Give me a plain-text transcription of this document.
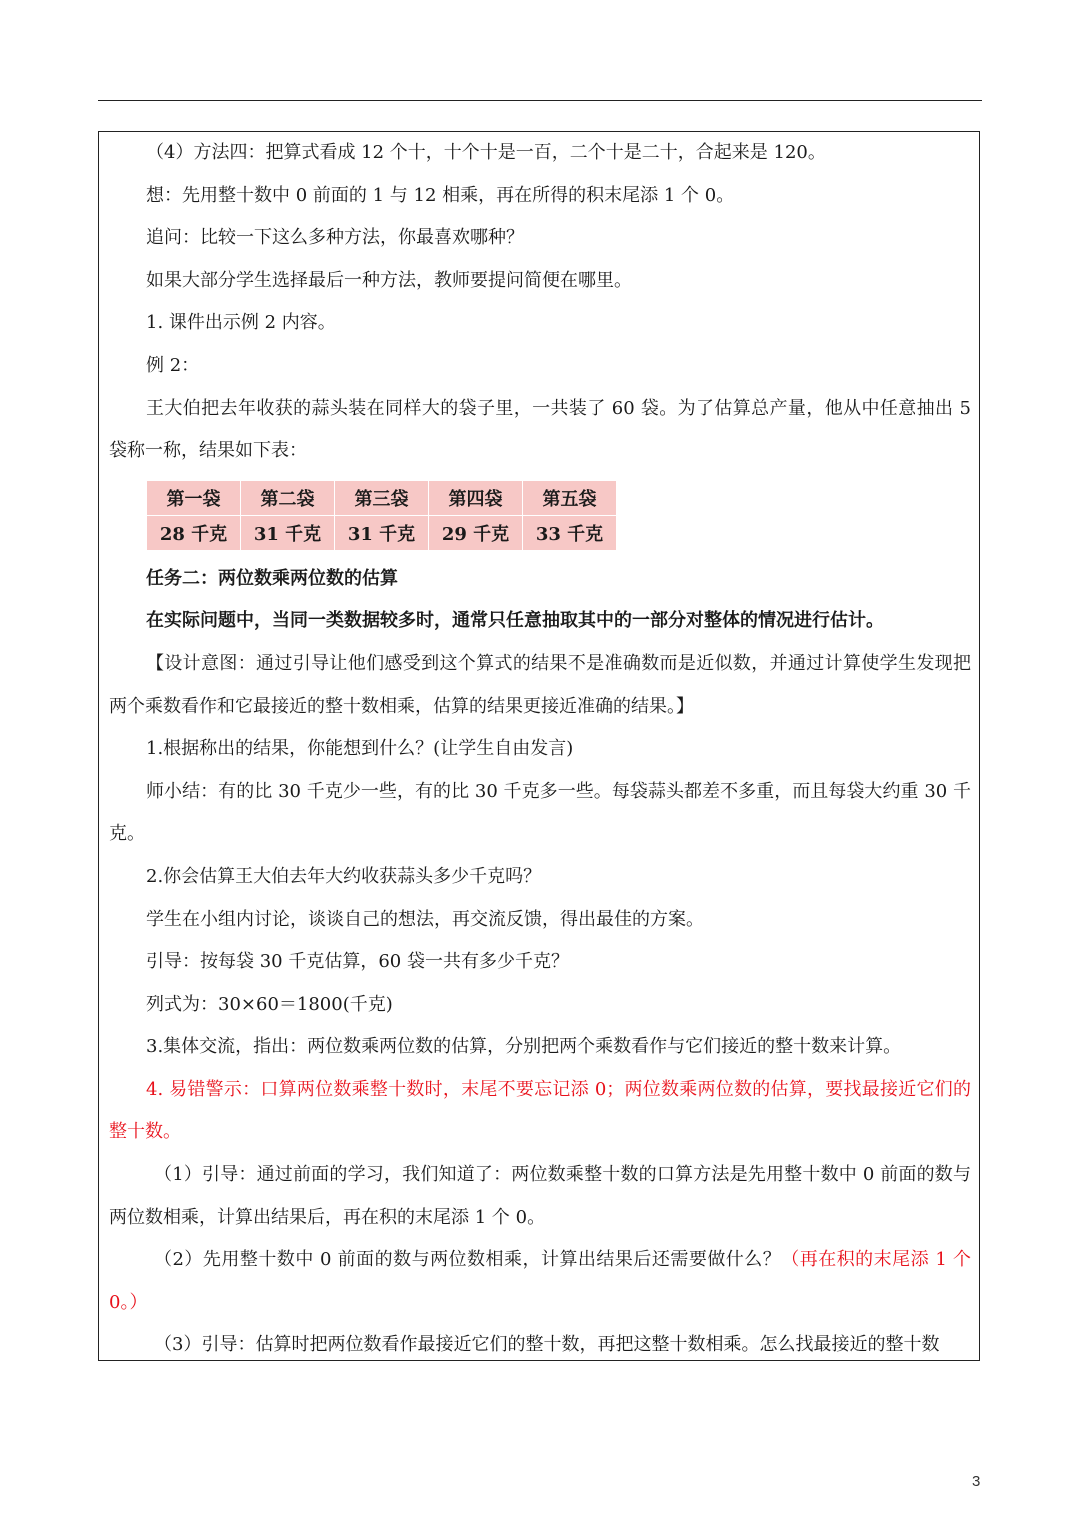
（4）方法四：把算式看成 12 个十，十个十是一百，二个十是二十，合起来是 120。

想：先用整十数中 0 前面的 1 与 12 相乘，再在所得的积末尾添 1 个 0。

追问：比较一下这么多种方法，你最喜欢哪种？

如果大部分学生选择最后一种方法，教师要提问简便在哪里。

1. 课件出示例 2 内容。

例 2：

王大伯把去年收获的蒜头装在同样大的袋子里，一共装了 60 袋。为了估算总产量，他从中任意抽出 5 袋称一称，结果如下表：

第一袋	第二袋	第三袋	第四袋	第五袋
28 千克	31 千克	31 千克	29 千克	33 千克

任务二：两位数乘两位数的估算

在实际问题中，当同一类数据较多时，通常只任意抽取其中的一部分对整体的情况进行估计。

【设计意图：通过引导让他们感受到这个算式的结果不是准确数而是近似数，并通过计算使学生发现把两个乘数看作和它最接近的整十数相乘，估算的结果更接近准确的结果。】

1.根据称出的结果，你能想到什么？(让学生自由发言)

师小结：有的比 30 千克少一些，有的比 30 千克多一些。每袋蒜头都差不多重，而且每袋大约重 30 千克。

2.你会估算王大伯去年大约收获蒜头多少千克吗？

学生在小组内讨论，谈谈自己的想法，再交流反馈，得出最佳的方案。

引导：按每袋 30 千克估算，60 袋一共有多少千克？

列式为：30×60＝1800(千克)

3.集体交流，指出：两位数乘两位数的估算，分别把两个乘数看作与它们接近的整十数来计算。

4. 易错警示：口算两位数乘整十数时，末尾不要忘记添 0；两位数乘两位数的估算，要找最接近它们的整十数。

（1）引导：通过前面的学习，我们知道了：两位数乘整十数的口算方法是先用整十数中 0 前面的数与两位数相乘，计算出结果后，再在积的末尾添 1 个 0。

（2）先用整十数中 0 前面的数与两位数相乘，计算出结果后还需要做什么？（再在积的末尾添 1 个 0。）

（3）引导：估算时把两位数看作最接近它们的整十数，再把这整十数相乘。怎么找最接近的整十数

3
